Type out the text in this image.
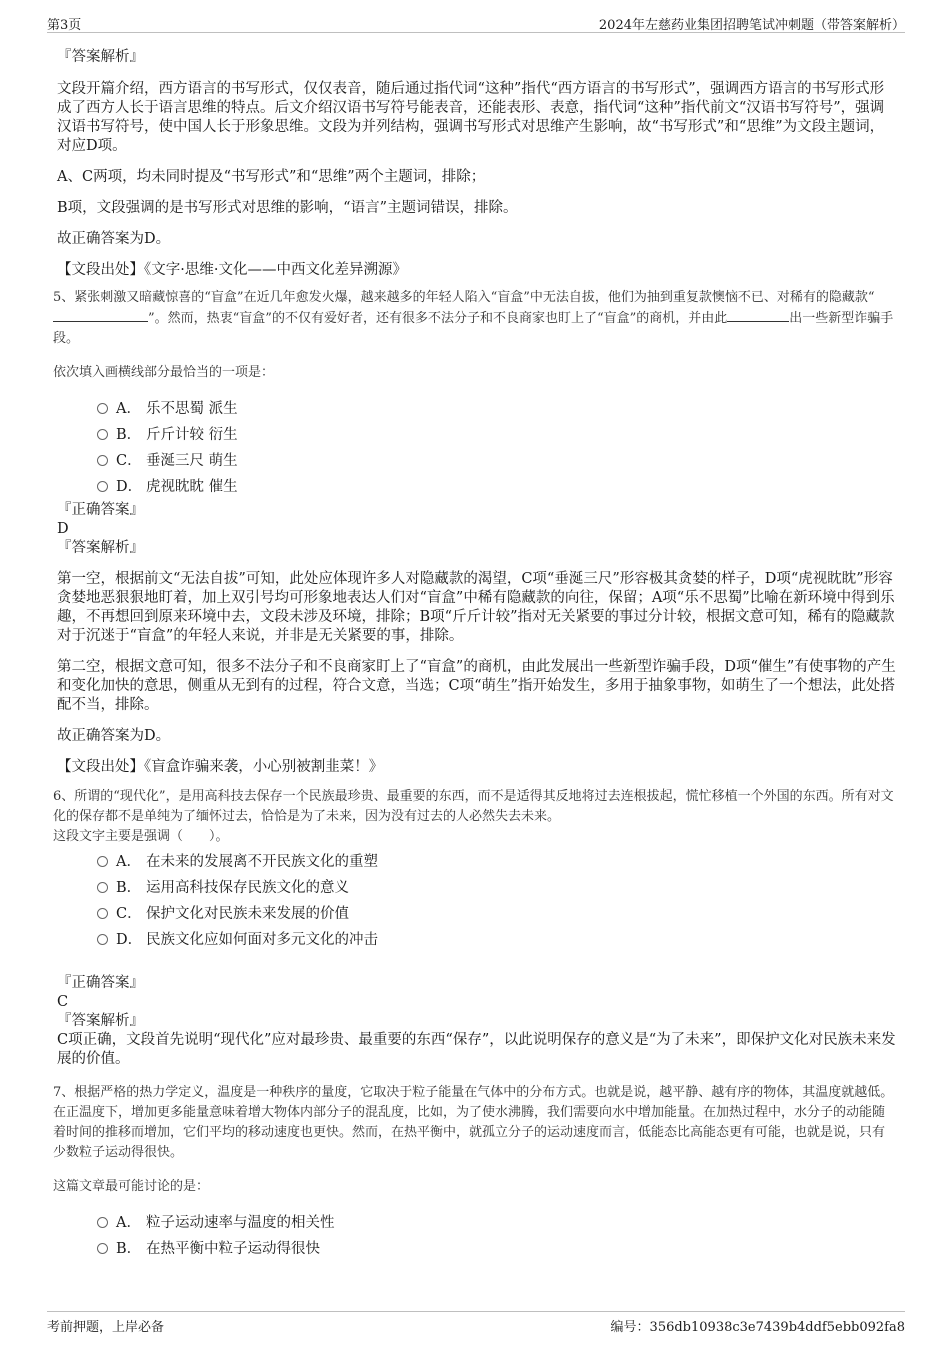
第3页	2024年左慈药业集团招聘笔试冲刺题（带答案解析）
『答案解析』
文段开篇介绍，西方语言的书写形式，仅仅表音，随后通过指代词“这种”指代“西方语言的书写形式”，强调西方语言的书写形式形成了西方人长于语言思维的特点。后文介绍汉语书写符号能表音，还能表形、表意，指代词“这种”指代前文“汉语书写符号”，强调汉语书写符号，使中国人长于形象思维。文段为并列结构，强调书写形式对思维产生影响，故“书写形式”和“思维”为文段主题词，对应D项。
A、C两项，均未同时提及“书写形式”和“思维”两个主题词，排除；
B项，文段强调的是书写形式对思维的影响，“语言”主题词错误，排除。
故正确答案为D。
【文段出处】《文字·思维·文化——中西文化差异溯源》
5、紧张刺激又暗藏惊喜的“盲盒”在近几年愈发火爆，越来越多的年轻人陷入“盲盒”中无法自拔，他们为抽到重复款懊恼不已、对稀有的隐藏款“”。然而，热衷“盲盒”的不仅有爱好者，还有很多不法分子和不良商家也盯上了“盲盒”的商机，并由此	出一些新型诈骗手段。
依次填入画横线部分最恰当的一项是：
A． 乐不思蜀 派生
B． 斤斤计较 衍生
C． 垂涎三尺 萌生
D． 虎视眈眈 催生
『正确答案』
D
『答案解析』
第一空，根据前文“无法自拔”可知，此处应体现许多人对隐藏款的渴望，C项“垂涎三尺”形容极其贪婪的样子，D项“虎视眈眈”形容贪婪地恶狠狠地盯着，加上双引号均可形象地表达人们对“盲盒”中稀有隐藏款的向往，保留；A项“乐不思蜀”比喻在新环境中得到乐趣，不再想回到原来环境中去，文段未涉及环境，排除；B项“斤斤计较”指对无关紧要的事过分计较，根据文意可知，稀有的隐藏款对于沉迷于“盲盒”的年轻人来说，并非是无关紧要的事，排除。
第二空，根据文意可知，很多不法分子和不良商家盯上了“盲盒”的商机，由此发展出一些新型诈骗手段，D项“催生”有使事物的产生和变化加快的意思，侧重从无到有的过程，符合文意，当选；C项“萌生”指开始发生，多用于抽象事物，如萌生了一个想法，此处搭配不当，排除。
故正确答案为D。
【文段出处】《盲盒诈骗来袭，小心别被割韭菜！》
6、所谓的“现代化”，是用高科技去保存一个民族最珍贵、最重要的东西，而不是适得其反地将过去连根拔起，慌忙移植一个外国的东西。所有对文化的保存都不是单纯为了缅怀过去，恰恰是为了未来，因为没有过去的人必然失去未来。
这段文字主要是强调（　　）。
A． 在未来的发展离不开民族文化的重塑
B． 运用高科技保存民族文化的意义
C． 保护文化对民族未来发展的价值
D． 民族文化应如何面对多元文化的冲击
『正确答案』
C
『答案解析』
C项正确，文段首先说明“现代化”应对最珍贵、最重要的东西“保存”，以此说明保存的意义是“为了未来”，即保护文化对民族未来发展的价值。
7、根据严格的热力学定义，温度是一种秩序的量度，它取决于粒子能量在气体中的分布方式。也就是说，越平静、越有序的物体，其温度就越低。在正温度下，增加更多能量意味着增大物体内部分子的混乱度，比如，为了使水沸腾，我们需要向水中增加能量。在加热过程中，水分子的动能随着时间的推移而增加，它们平均的移动速度也更快。然而，在热平衡中，就孤立分子的运动速度而言，低能态比高能态更有可能，也就是说，只有少数粒子运动得很快。
这篇文章最可能讨论的是：
A． 粒子运动速率与温度的相关性
B． 在热平衡中粒子运动得很快
考前押题，上岸必备	编号：356db10938c3e7439b4ddf5ebb092fa8
